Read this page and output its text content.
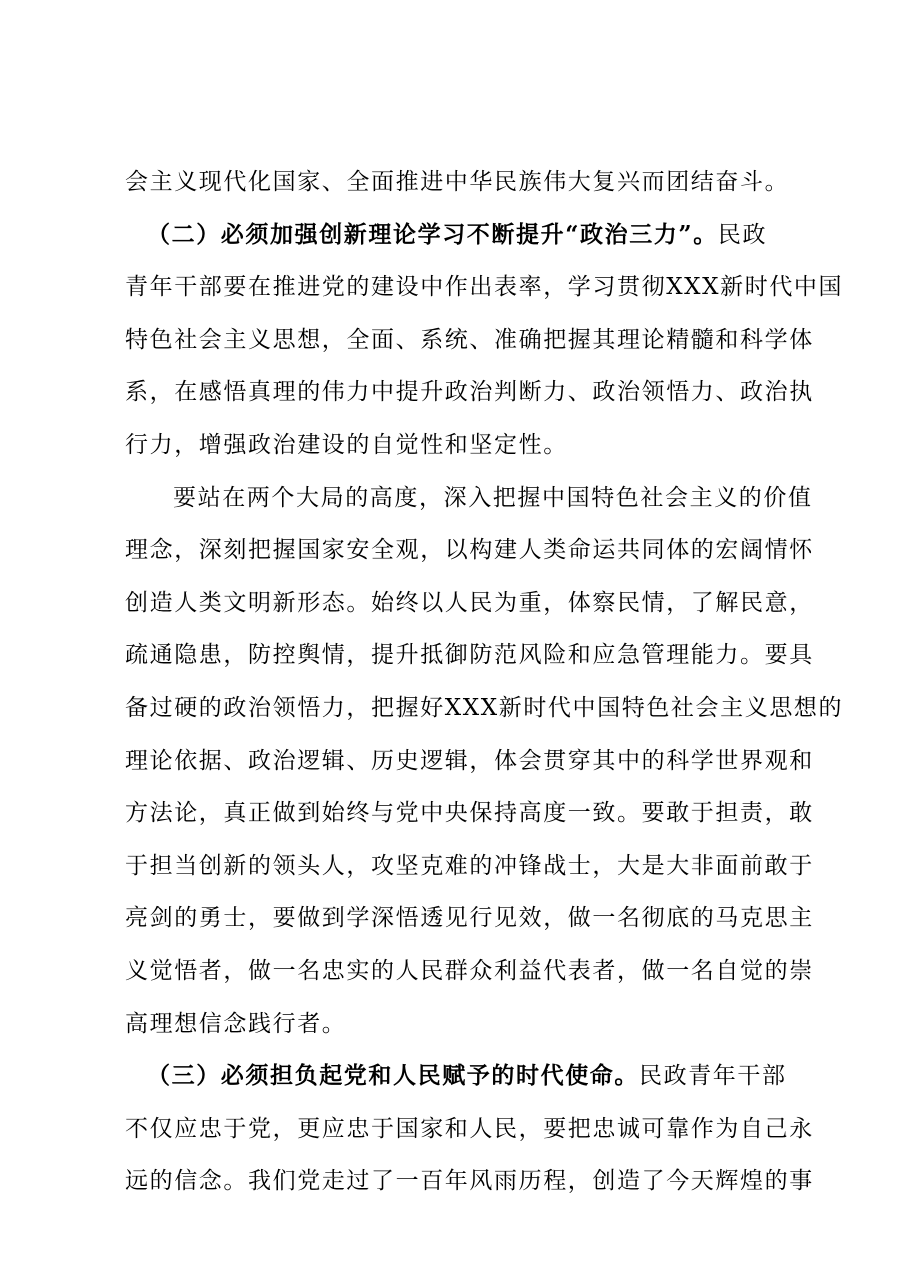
会主义现代化国家、全面推进中华民族伟大复兴而团结奋斗。
（二）必须加强创新理论学习不断提升“政治三力”。民政
青年干部要在推进党的建设中作出表率，学习贯彻XXX新时代中国
特色社会主义思想，全面、系统、准确把握其理论精髓和科学体
系，在感悟真理的伟力中提升政治判断力、政治领悟力、政治执
行力，增强政治建设的自觉性和坚定性。
要站在两个大局的高度，深入把握中国特色社会主义的价值
理念，深刻把握国家安全观，以构建人类命运共同体的宏阔情怀
创造人类文明新形态。始终以人民为重，体察民情，了解民意，
疏通隐患，防控舆情，提升抵御防范风险和应急管理能力。要具
备过硬的政治领悟力，把握好XXX新时代中国特色社会主义思想的
理论依据、政治逻辑、历史逻辑，体会贯穿其中的科学世界观和
方法论，真正做到始终与党中央保持高度一致。要敢于担责，敢
于担当创新的领头人，攻坚克难的冲锋战士，大是大非面前敢于
亮剑的勇士，要做到学深悟透见行见效，做一名彻底的马克思主
义觉悟者，做一名忠实的人民群众利益代表者，做一名自觉的崇
高理想信念践行者。
（三）必须担负起党和人民赋予的时代使命。民政青年干部
不仅应忠于党，更应忠于国家和人民，要把忠诚可靠作为自己永
远的信念。我们党走过了一百年风雨历程，创造了今天辉煌的事
